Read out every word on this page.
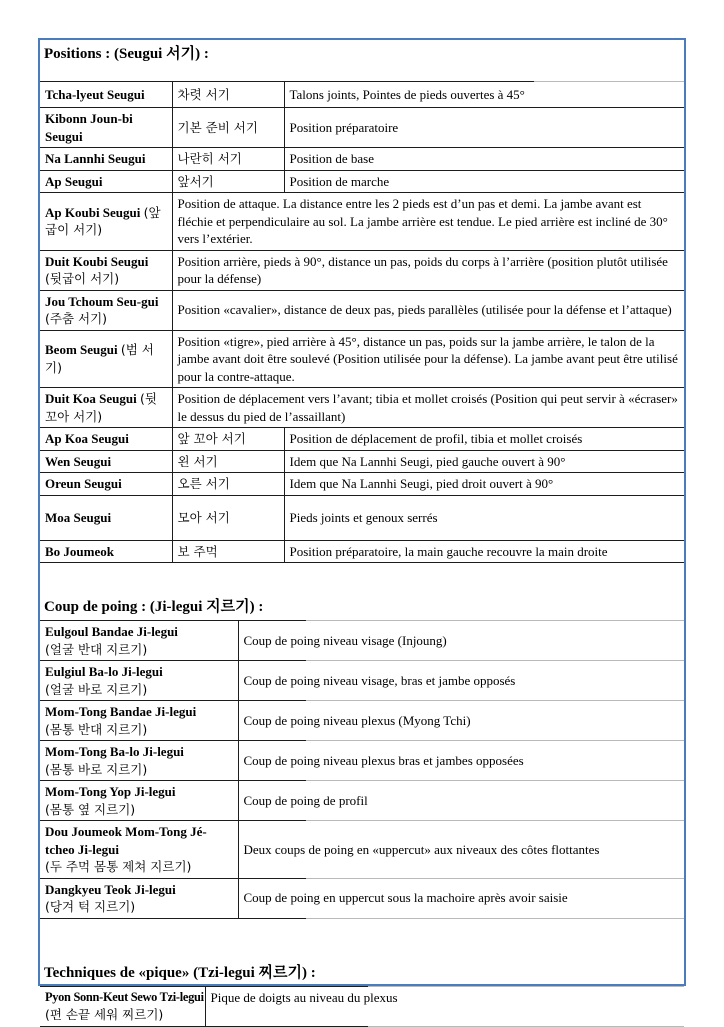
Positions : (Seugui 서기) :
Tcha-lyeut Seugui	차렷 서기	Talons joints, Pointes de pieds ouvertes à 45°
Kibonn Joun-bi Seugui	기본 준비 서기	Position préparatoire
Na Lannhi Seugui	나란히 서기	Position de base
Ap Seugui	앞서기	Position de marche
Ap Koubi Seugui (앞굽이 서기)	Position de attaque. La distance entre les 2 pieds est d’un pas et demi. La jambe avant est fléchie et perpendiculaire au sol. La jambe arrière est tendue. Le pied arrière est incliné de 30° vers l’extérier.	
Duit Koubi Seugui (뒷굽이 서기)	Position arrière, pieds à 90°, distance un pas, poids du corps à l’arrière (position plutôt utilisée pour la défense)	
Jou Tchoum Seu-gui (주춤 서기)	Position «cavalier», distance de deux pas, pieds parallèles (utilisée pour la défense et l’attaque)	
Beom Seugui (범 서기)	Position «tigre», pied arrière à 45°, distance un pas, poids sur la jambe arrière, le talon de la jambe avant doit être soulevé (Position utilisée pour la défense). La jambe avant peut être utilisé pour la contre-attaque.	
Duit Koa Seugui (뒷 꼬아 서기)	Position de déplacement vers l’avant; tibia et mollet croisés (Position qui peut servir à «écraser» le dessus du pied de l’assaillant)	
Ap Koa Seugui	앞 꼬아 서기	Position de déplacement de profil, tibia et mollet croisés
Wen Seugui	왼 서기	Idem que Na Lannhi Seugi, pied gauche ouvert à 90°
Oreun Seugui	오른 서기	Idem que Na Lannhi Seugi, pied droit ouvert à 90°
Moa Seugui	모아 서기	Pieds joints et genoux serrés
Bo Joumeok	보 주먹	Position préparatoire, la main gauche recouvre la main droite
Coup de poing : (Ji-legui 지르기) :
Eulgoul Bandae Ji-legui
(얼굴 반대 지르기)	Coup de poing niveau visage (Injoung)

Eulgiul Ba-lo Ji-legui
(얼굴 바로 지르기)	Coup de poing niveau visage, bras et jambe opposés

Mom-Tong Bandae Ji-legui
(몸통 반대 지르기)	Coup de poing niveau plexus (Myong Tchi)

Mom-Tong Ba-lo Ji-legui
(몸통 바로 지르기)	Coup de poing niveau plexus bras et jambes opposées

Mom-Tong Yop Ji-legui
(몸통 옆 지르기)	Coup de poing de profil

Dou Joumeok Mom-Tong Jé-tcheo Ji-legui
(두 주먹 몸통 제쳐 지르기)	Deux coups de poing en «uppercut» aux niveaux des côtes flottantes

Dangkyeu Teok Ji-legui
(당겨 턱 지르기)	Coup de poing en uppercut sous la machoire après avoir saisie
Techniques de «pique» (Tzi-legui 찌르기) :
Pyon Sonn-Keut Sewo Tzi-legui
(편 손끝 세워 찌르기)
	Pique de doigts au niveau du plexus
